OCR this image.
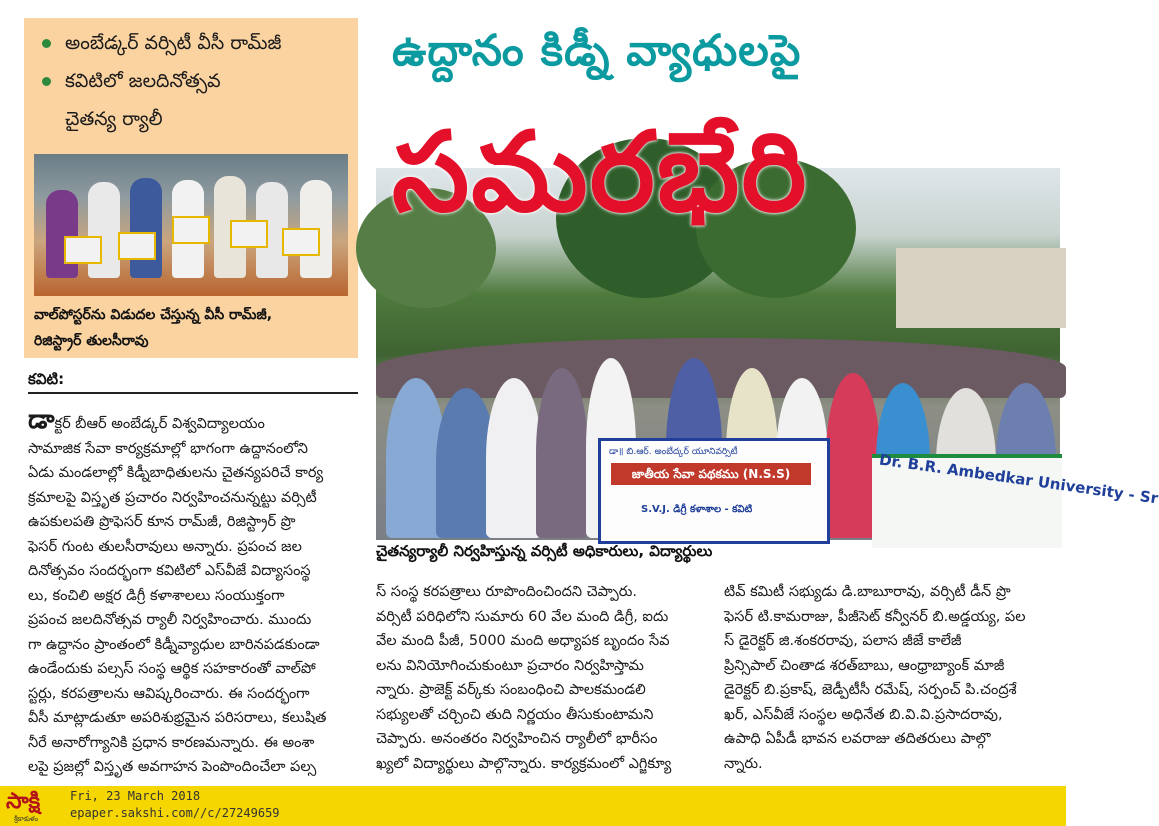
అంబేడ్కర్‌ వర్సిటీ వీసీ రామ్‌జీ
కవిటిలో జలదినోత్సవ
చైతన్య ర్యాలీ
వాల్‌పోస్టర్‌ను విడుదల చేస్తున్న వీసీ రామ్‌జీ,
రిజిస్ట్రార్‌ తులసీరావు
ఉద్దానం కిడ్నీ వ్యాధులపై
డా॥ బి.ఆర్‌. అంబేద్కర్‌ యూనివర్సిటీ
జాతీయ సేవా పథకము (N.S.S)
S.V.J. డిగ్రీ కళాశాల - కవిటి
Dr. B.R. Ambedkar University - Sr
సమరభేరి
చైతన్యర్యాలీ నిర్వహిస్తున్న వర్సిటీ అధికారులు, విద్యార్థులు
కవిటి:
డాక్టర్‌ బీఆర్‌ అంబేడ్కర్‌ విశ్వవిద్యాలయం
సామాజిక సేవా కార్యక్రమాల్లో భాగంగా ఉద్దానంలోని
ఏడు మండలాల్లో కిడ్నీబాధితులను చైతన్యపరిచే కార్య
క్రమాలపై విస్తృత ప్రచారం నిర్వహించనున్నట్టు వర్సిటీ
ఉపకులపతి ప్రొఫెసర్‌ కూన రామ్‌జీ, రిజిస్ట్రార్‌ ప్రొ
ఫెసర్‌ గుంట తులసీరావులు అన్నారు. ప్రపంచ జల
దినోత్సవం సందర్భంగా కవిటిలో ఎస్‌వీజే విద్యాసంస్థ
లు, కంచిలి అక్షర డిగ్రీ కళాశాలలు సంయుక్తంగా
ప్రపంచ జలదినోత్సవ ర్యాలీ నిర్వహించారు. ముందు
గా ఉద్దానం ప్రాంతంలో కిడ్నీవ్యాధుల బారినపడకుండా
ఉండేందుకు పల్సస్‌ సంస్థ ఆర్థిక సహకారంతో వాల్‌పో
స్టర్లు, కరపత్రాలను ఆవిష్కరించారు. ఈ సందర్భంగా
వీసీ మాట్లాడుతూ అపరిశుభ్రమైన పరిసరాలు, కలుషిత
నీరే అనారోగ్యానికి ప్రధాన కారణమన్నారు. ఈ అంశా
లపై ప్రజల్లో విస్తృత అవగాహన పెంపొందించేలా పల్స
స్‌ సంస్థ కరపత్రాలు రూపొందించిందని చెప్పారు.
వర్సిటీ పరిధిలోని సుమారు 60 వేల మంది డిగ్రీ, ఐదు
వేల మంది పీజీ, 5000 మంది అధ్యాపక బృందం సేవ
లను వినియోగించుకుంటూ ప్రచారం నిర్వహిస్తామ
న్నారు. ప్రాజెక్ట్‌ వర్క్‌కు సంబంధించి పాలకమండలి
సభ్యులతో చర్చించి తుది నిర్ణయం తీసుకుంటామని
చెప్పారు. అనంతరం నిర్వహించిన ర్యాలీలో భారీసం
ఖ్యలో విద్యార్థులు పాల్గొన్నారు. కార్యక్రమంలో ఎగ్జిక్యూ
టివ్‌ కమిటీ సభ్యుడు డి.బాబూరావు, వర్సిటీ డీన్‌ ప్రొ
ఫెసర్‌ టి.కామరాజు, పీజీసెట్‌ కన్వీనర్‌ బి.అడ్డయ్య, పల
స్‌ డైరెక్టర్‌ జి.శంకరరావు, పలాస జీజే కాలేజీ
ప్రిన్సిపాల్‌ చింతాడ శరత్‌బాబు, ఆంధ్రాబ్యాంక్‌ మాజీ
డైరెక్టర్‌ బి.ప్రకాష్‌, జెడ్పీటీసీ రమేష్‌, సర్పంచ్‌ పి.చంద్రశే
ఖర్‌, ఎస్‌వీజే సంస్థల అధినేత బి.వి.వి.ప్రసాదరావు,
ఉపాధి ఏపీడీ భావన లవరాజు తదితరులు పాల్గొ
న్నారు.
సాక్షి
శ్రీకాకుళం
Fri, 23 March 2018
epaper.sakshi.com//c/27249659
